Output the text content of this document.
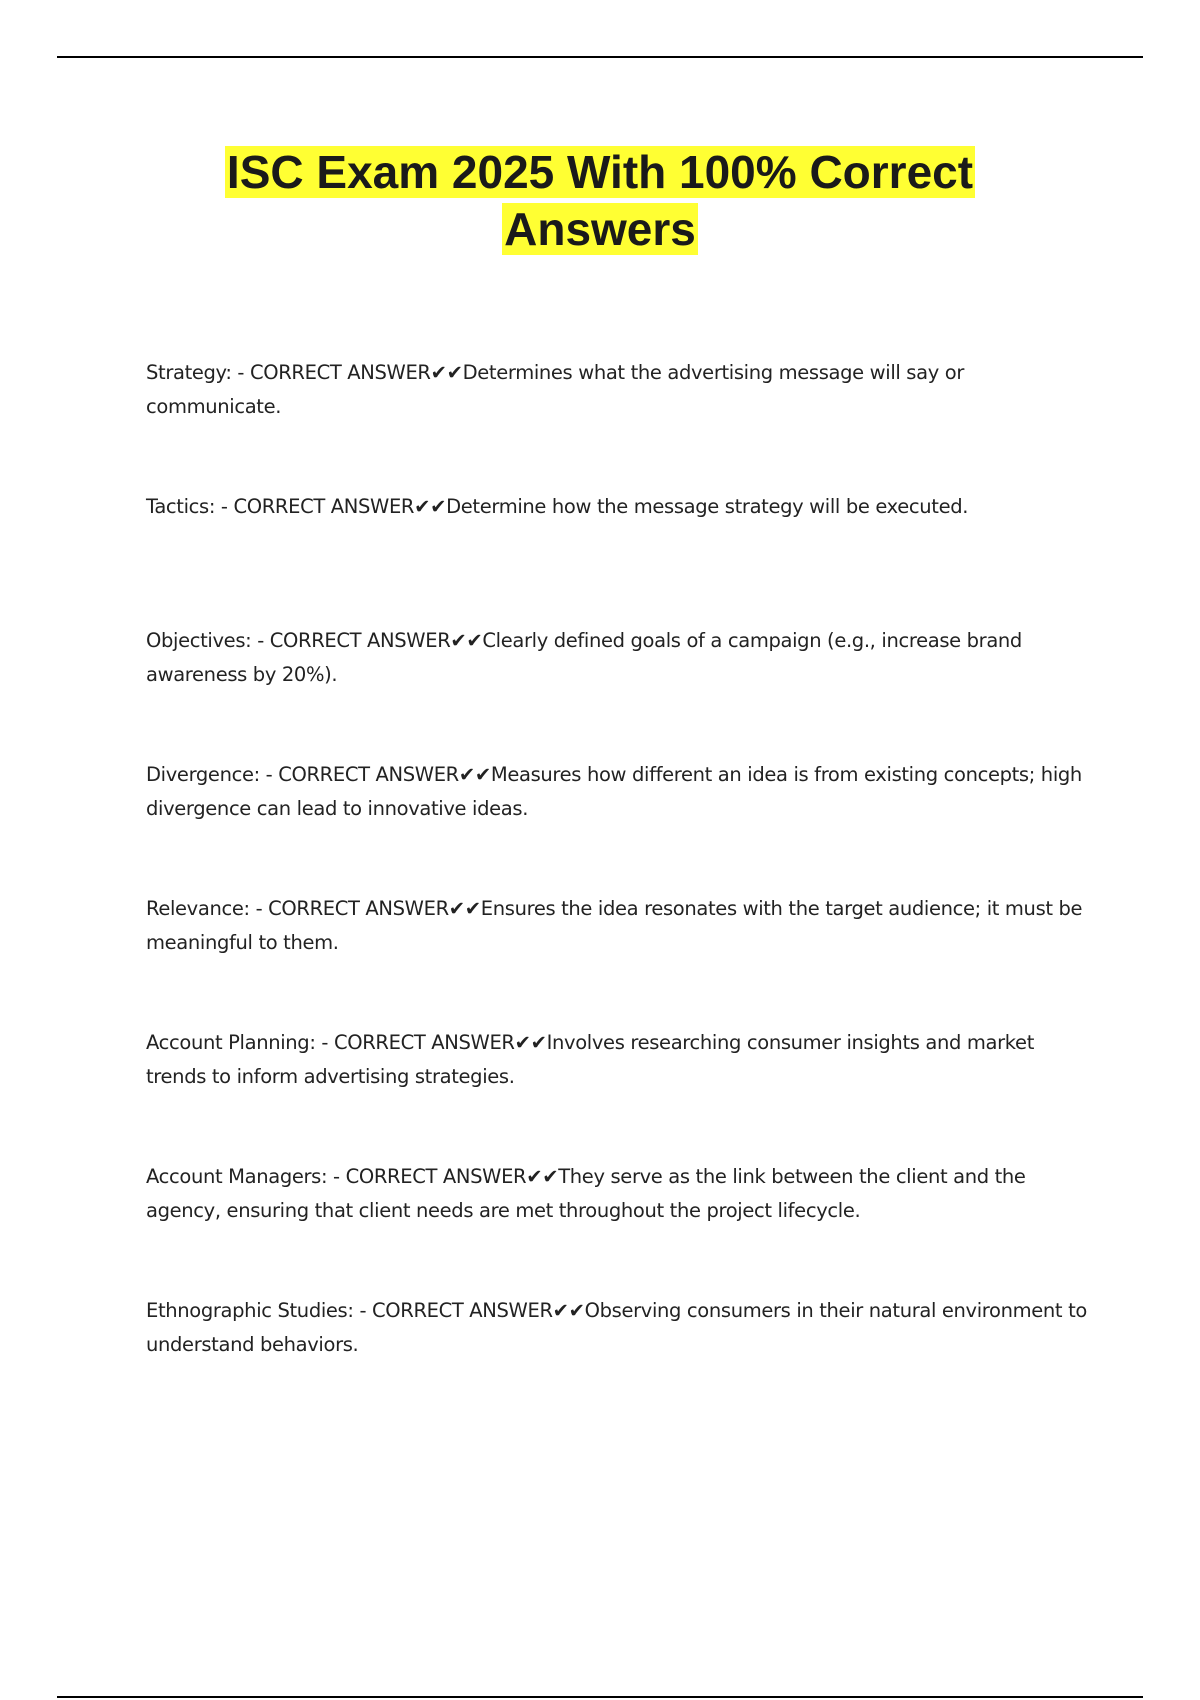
ISC Exam 2025 With 100% Correct
Answers

Strategy: - CORRECT ANSWER✔✔Determines what the advertising message will say or communicate.

Tactics: - CORRECT ANSWER✔✔Determine how the message strategy will be executed.

Objectives: - CORRECT ANSWER✔✔Clearly defined goals of a campaign (e.g., increase brand awareness by 20%).

Divergence: - CORRECT ANSWER✔✔Measures how different an idea is from existing concepts; high divergence can lead to innovative ideas.

Relevance: - CORRECT ANSWER✔✔Ensures the idea resonates with the target audience; it must be meaningful to them.

Account Planning: - CORRECT ANSWER✔✔Involves researching consumer insights and market trends to inform advertising strategies.

Account Managers: - CORRECT ANSWER✔✔They serve as the link between the client and the agency, ensuring that client needs are met throughout the project lifecycle.

Ethnographic Studies: - CORRECT ANSWER✔✔Observing consumers in their natural environment to understand behaviors.
